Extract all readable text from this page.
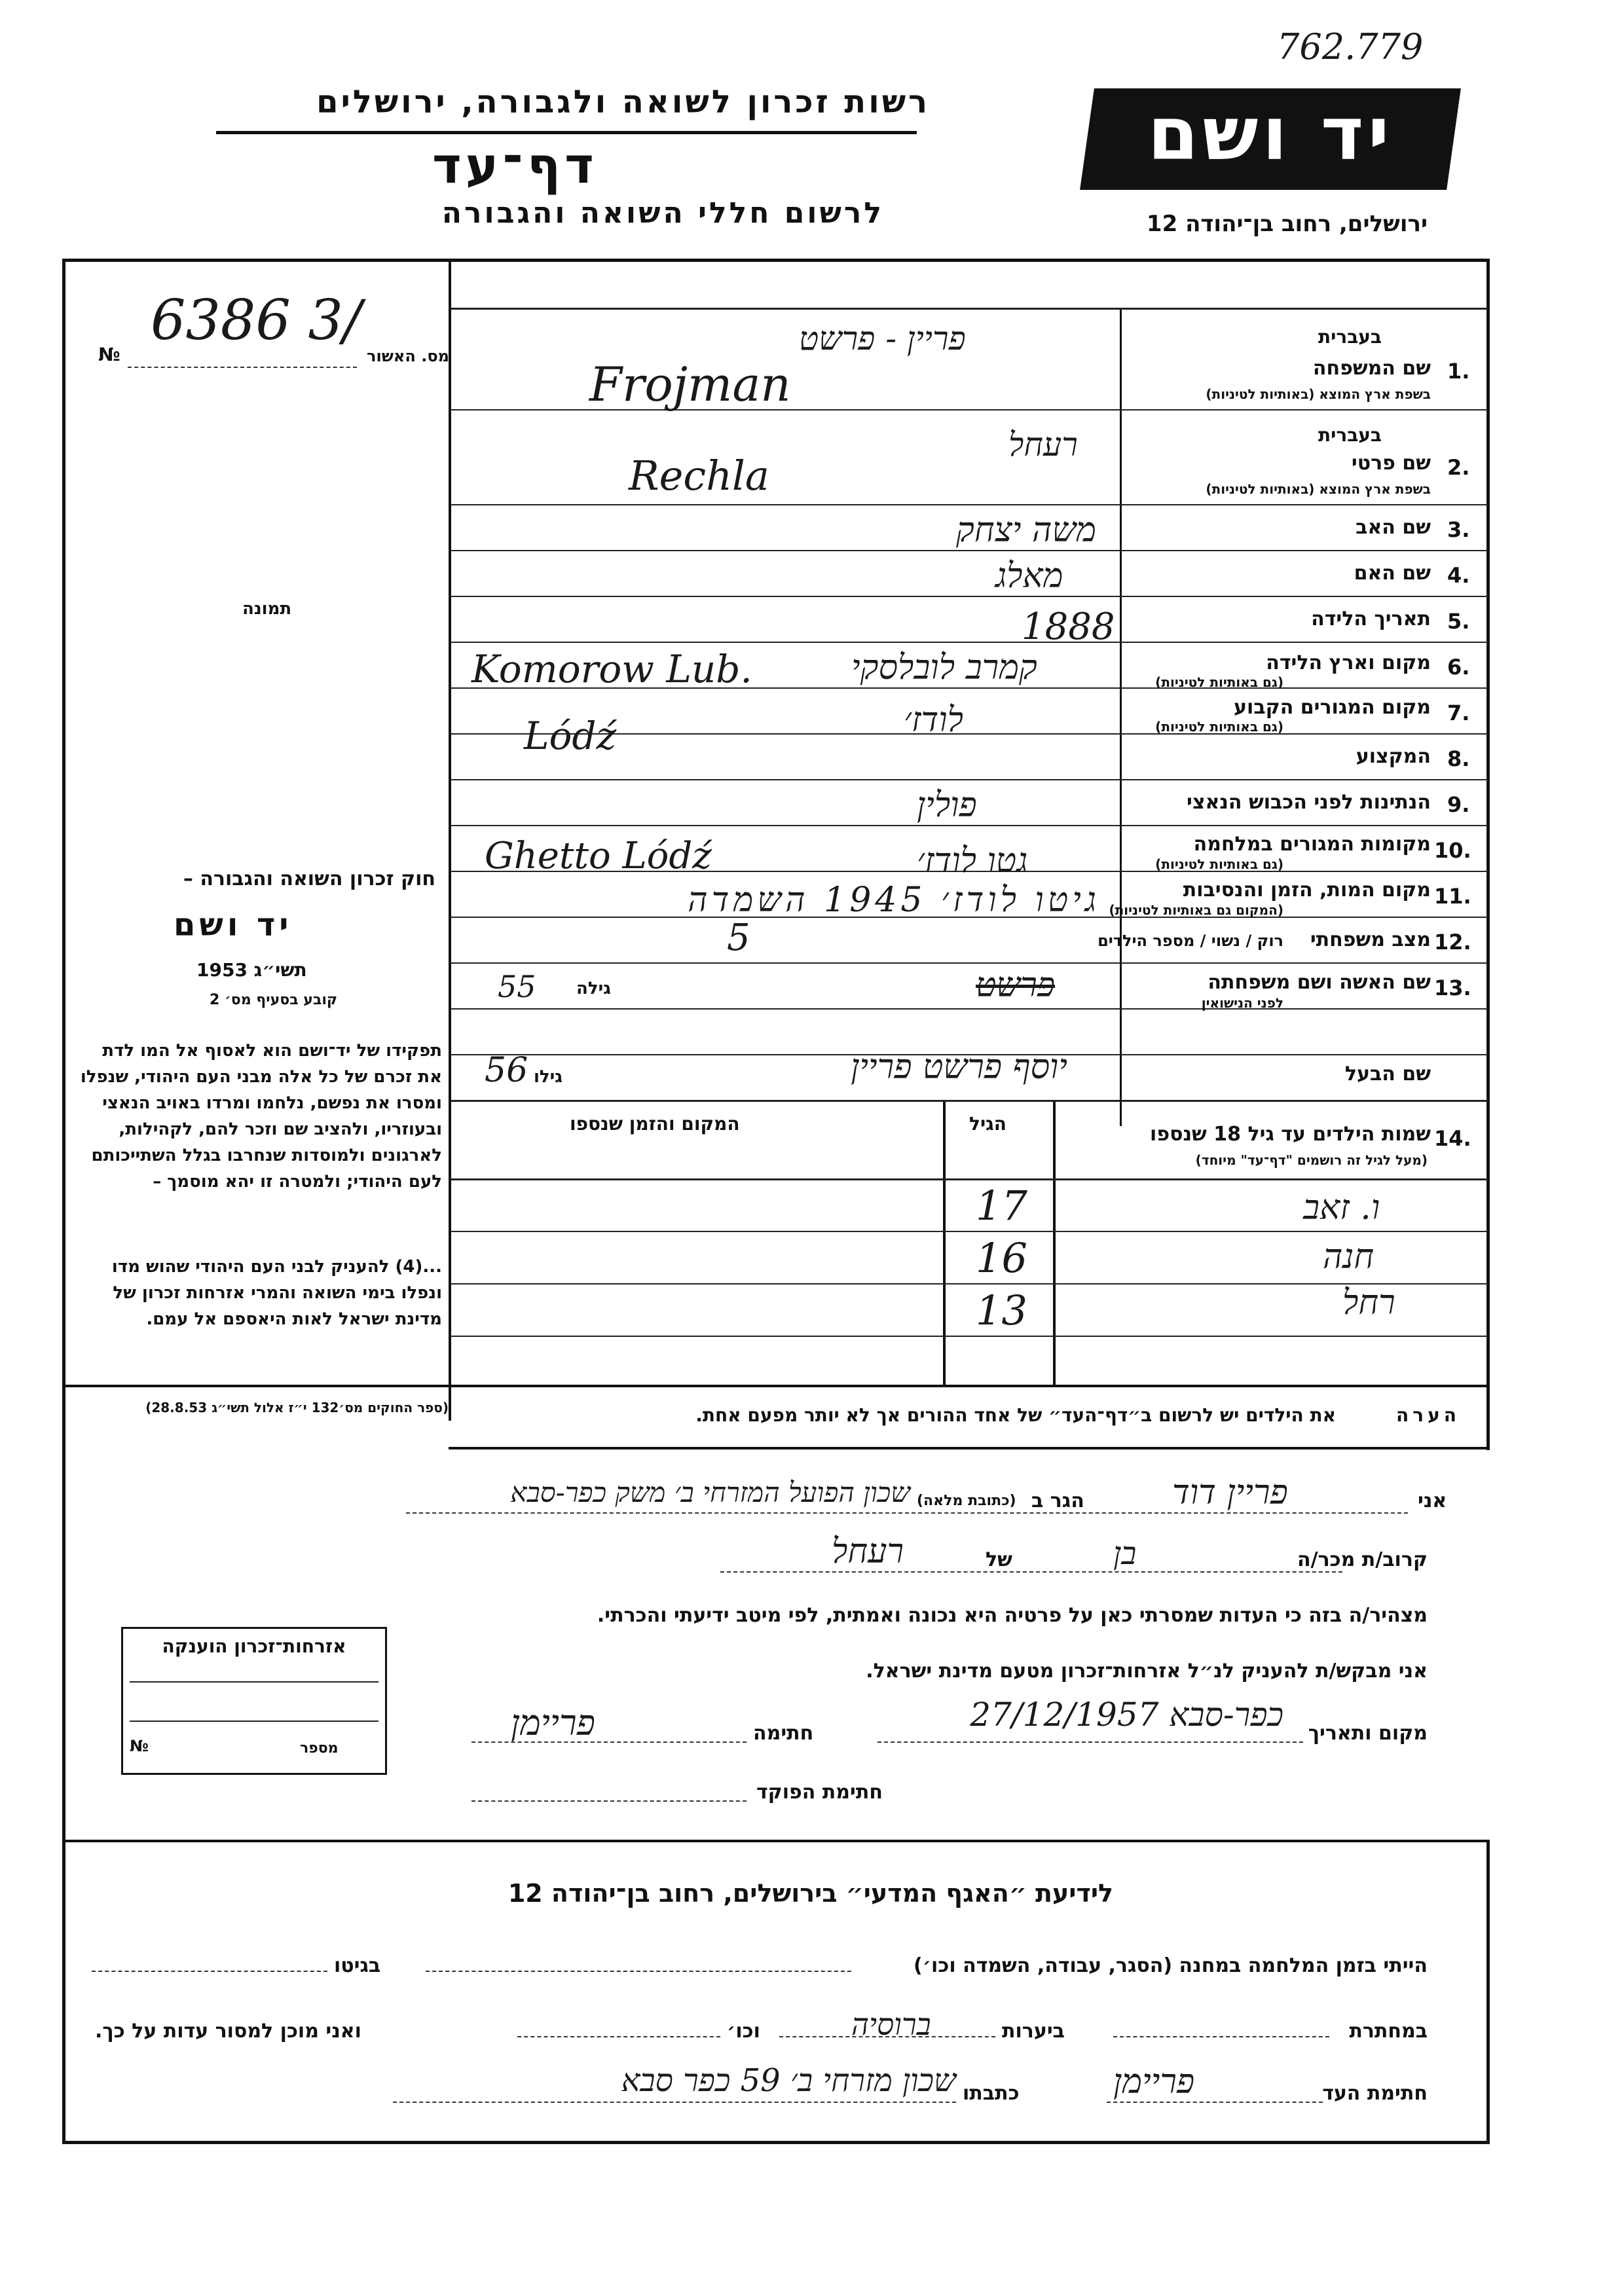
762.779
רשות זכרון לשואה ולגבורה, ירושלים
דף־עד
לרשום חללי השואה והגבורה
יד ושם
ירושלים, רחוב בן־יהודה 12
6386 3/
מס. האשור
№
תמונה
חוק זכרון השואה והגבורה –
יד ושם
תשי״ג 1953
קובע בסעיף מס׳ 2
תפקידו של יד־ושם הוא לאסוף אל המו לדת את זכרם של כל אלה מבני העם היהודי, שנפלו ומסרו את נפשם, נלחמו ומרדו באויב הנאצי ובעוזריו, ולהציב שם וזכר להם, לקהילות, לארגונים ולמוסדות שנחרבו בגלל השתייכותם לעם היהודי; ולמטרה זו יהא מוסמך –
...(4) להעניק לבני העם היהודי שהוש מדו ונפלו בימי השואה והמרי אזרחות זכרון של מדינת ישראל לאות היאספם אל עמם.
(ספר החוקים מס׳132 י״ז אלול תשי״ג 28.8.53)
בעברית
1.
שם המשפחה
בשפת ארץ המוצא (באותיות לטיניות)
פריין - פרשט
Frojman
בעברית
2.
שם פרטי
בשפת ארץ המוצא (באותיות לטיניות)
רעחל
Rechla
3.
שם האב
משה יצחק
4.
שם האם
מאלג
5.
תאריך הלידה
1888
6.
מקום וארץ הלידה
(גם באותיות לטיניות)
Komorow Lub.	קמרב לובלסקי
7.
מקום המגורים הקבוע
(גם באותיות לטיניות)
Lódź	לודז׳
8.
המקצוע
9.
הנתינות לפני הכבוש הנאצי
פולין
10.
מקומות המגורים במלחמה
(גם באותיות לטיניות)
Ghetto Lódź	גטו לודז׳
11.
מקום המות, הזמן והנסיבות
(המקום גם באותיות לטיניות)
גיטו לודז׳ 1945 השמדה
12.
מצב משפחתי
רוק / נשוי / מספר הילדים
5
13.
שם האשה ושם משפחתה
לפני הנישואין
גילה
55	פרשט
שם הבעל
גילו
56	יוסף פרשט פריין
14.
שמות הילדים עד גיל 18 שנספו
(מעל לגיל זה רושמים "דף־עד" מיוחד)
הגיל
המקום והזמן שנספו
ו. זאב
17
חנה
16
רחל
13
הערה
את הילדים יש לרשום ב״דף־העד״ של אחד ההורים אך לא יותר מפעם אחת.
אני
פריין דוד
הגר ב
(כתובת מלאה)
שכון הפועל המזרחי ב׳ משק כפר-סבא
קרוב/ת מכר/ה
בן
של
רעחל
מצהיר/ה בזה כי העדות שמסרתי כאן על פרטיה היא נכונה ואמתית, לפי מיטב ידיעתי והכרתי.
אני מבקש/ת להעניק לנ״ל אזרחות־זכרון מטעם מדינת ישראל.
מקום ותאריך
כפר-סבא 27/12/1957
חתימה
פריימן
חתימת הפוקד
אזרחות־זכרון הוענקה
מספר
№
לידיעת ״האגף המדעי״ בירושלים, רחוב בן־יהודה 12
הייתי בזמן המלחמה במחנה (הסגר, עבודה, השמדה וכו׳)
בגיטו
במחתרת
ביערות
ברוסיה
וכו׳
ואני מוכן למסור עדות על כך.
חתימת העד
פריימן
כתבתו
שכון מזרחי ב׳ 59 כפר סבא
